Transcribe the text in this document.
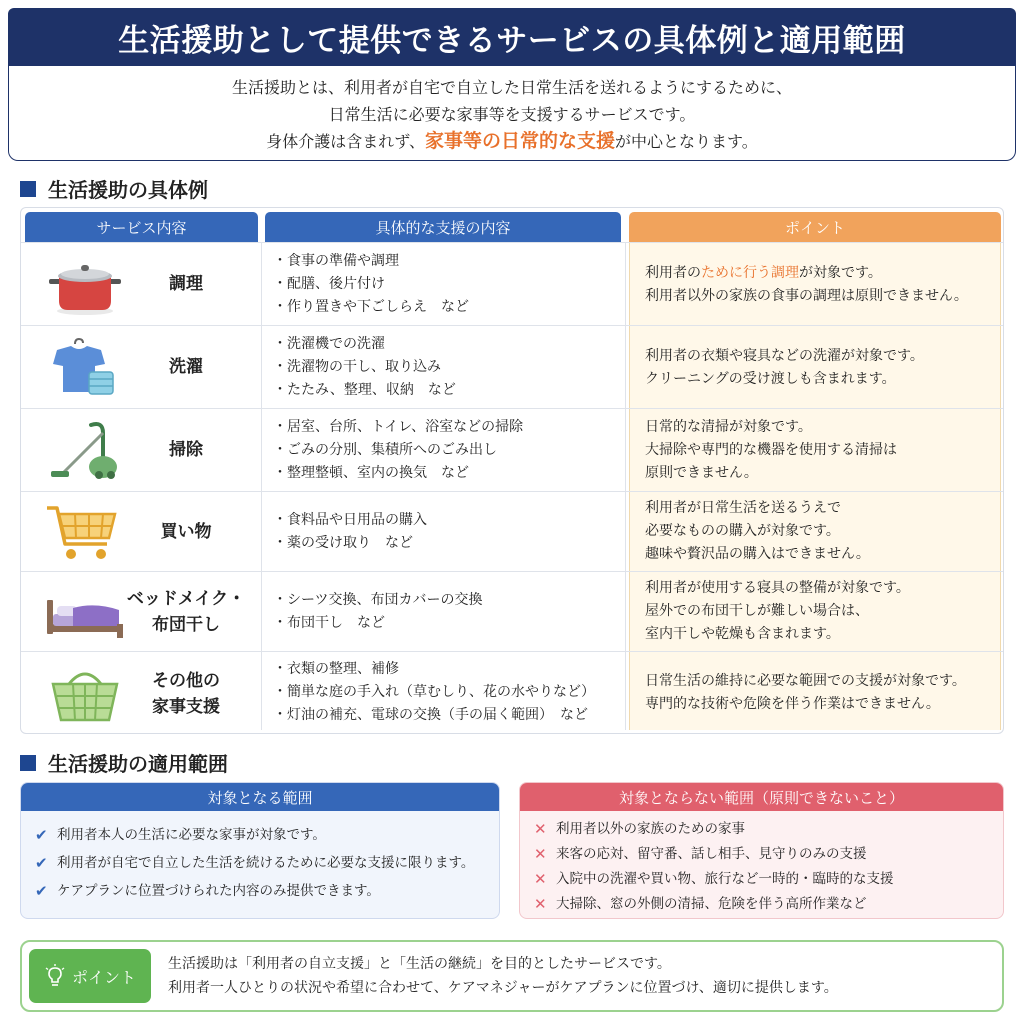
生活援助として提供できるサービスの具体例と適用範囲
生活援助とは、利用者が自宅で自立した日常生活を送れるようにするために、
日常生活に必要な家事等を支援するサービスです。
身体介護は含まれず、家事等の日常的な支援が中心となります。
生活援助の具体例
サービス内容	具体的な支援の内容	ポイント
調理
・食事の準備や調理
・配膳、後片付け
・作り置きや下ごしらえ　など
利用者のために行う調理が対象です。
利用者以外の家族の食事の調理は原則できません。
洗濯
・洗濯機での洗濯
・洗濯物の干し、取り込み
・たたみ、整理、収納　など
利用者の衣類や寝具などの洗濯が対象です。
クリーニングの受け渡しも含まれます。
掃除
・居室、台所、トイレ、浴室などの掃除
・ごみの分別、集積所へのごみ出し
・整理整頓、室内の換気　など
日常的な清掃が対象です。
大掃除や専門的な機器を使用する清掃は
原則できません。
買い物
・食料品や日用品の購入
・薬の受け取り　など
利用者が日常生活を送るうえで
必要なものの購入が対象です。
趣味や贅沢品の購入はできません。
ベッドメイク・
布団干し
・シーツ交換、布団カバーの交換
・布団干し　など
利用者が使用する寝具の整備が対象です。
屋外での布団干しが難しい場合は、
室内干しや乾燥も含まれます。
その他の
家事支援
・衣類の整理、補修
・簡単な庭の手入れ（草むしり、花の水やりなど）
・灯油の補充、電球の交換（手の届く範囲）　など
日常生活の維持に必要な範囲での支援が対象です。
専門的な技術や危険を伴う作業はできません。
生活援助の適用範囲
対象となる範囲
✔ 利用者本人の生活に必要な家事が対象です。
✔ 利用者が自宅で自立した生活を続けるために必要な支援に限ります。
✔ ケアプランに位置づけられた内容のみ提供できます。
対象とならない範囲（原則できないこと）
✕ 利用者以外の家族のための家事
✕ 来客の応対、留守番、話し相手、見守りのみの支援
✕ 入院中の洗濯や買い物、旅行など一時的・臨時的な支援
✕ 大掃除、窓の外側の清掃、危険を伴う高所作業など
ポイント
生活援助は「利用者の自立支援」と「生活の継続」を目的としたサービスです。
利用者一人ひとりの状況や希望に合わせて、ケアマネジャーがケアプランに位置づけ、適切に提供します。
